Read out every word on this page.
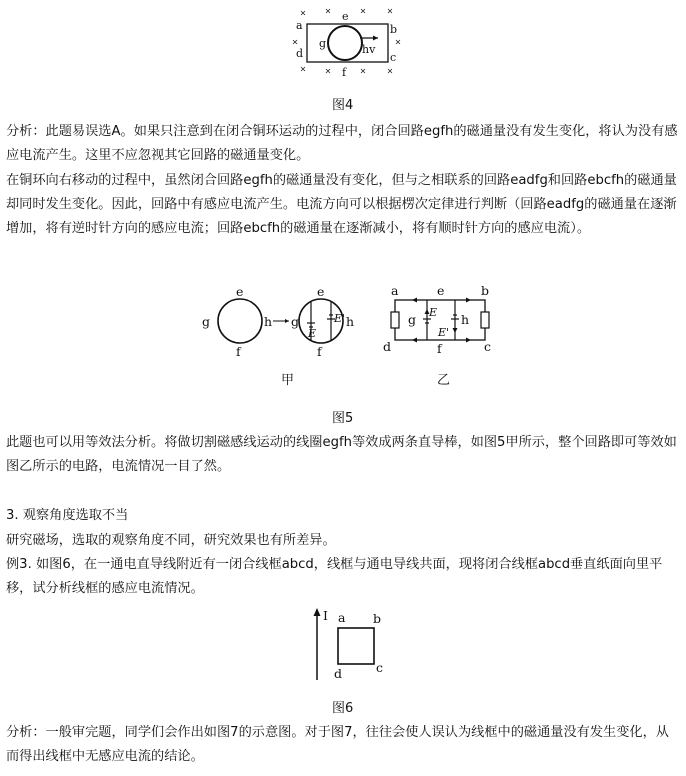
a
e
b
g	hv
d
f
c
图4

分析：此题易误选A。如果只注意到在闭合铜环运动的过程中，闭合回路egfh的磁通量没有发生变化，将认为没有感应电流产生。这里不应忽视其它回路的磁通量变化。

在铜环向右移动的过程中，虽然闭合回路egfh的磁通量没有变化，但与之相联系的回路eadfg和回路ebcfh的磁通量却同时发生变化。因此，回路中有感应电流产生。电流方向可以根据楞次定律进行判断（回路eadfg的磁通量在逐渐增加，将有逆时针方向的感应电流；回路ebcfh的磁通量在逐渐减小，将有顺时针方向的感应电流）。

e
g
f
h
e
g	h
f
E
E'
甲
a	e	b
g E h
E'
d	f	c
乙
图5

此题也可以用等效法分析。将做切割磁感线运动的线圈egfh等效成两条直导棒，如图5甲所示，整个回路即可等效如图乙所示的电路，电流情况一目了然。

3. 观察角度选取不当

研究磁场，选取的观察角度不同，研究效果也有所差异。

例3. 如图6，在一通电直导线附近有一闭合线框abcd，线框与通电导线共面，现将闭合线框abcd垂直纸面向里平移，试分析线框的感应电流情况。

I a b
c
d
图6

分析：一般审完题，同学们会作出如图7的示意图。对于图7，往往会使人误认为线框中的磁通量没有发生变化，从而得出线框中无感应电流的结论。
